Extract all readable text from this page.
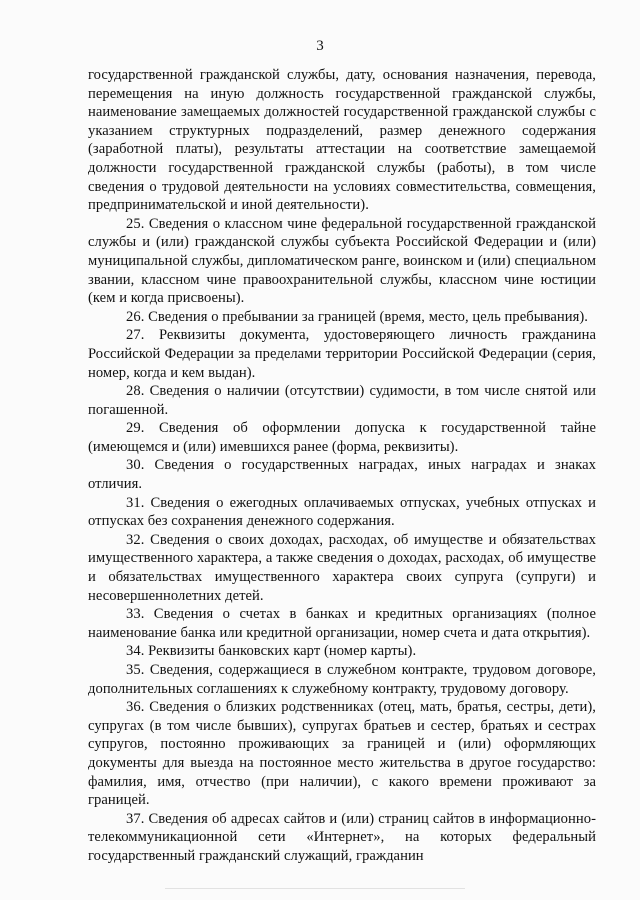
3

государственной гражданской службы, дату, основания назначения, перевода, перемещения на иную должность государственной гражданской службы, наименование замещаемых должностей государственной гражданской службы с указанием структурных подразделений, размер денежного содержания (заработной платы), результаты аттестации на соответствие замещаемой должности государственной гражданской службы (работы), в том числе сведения о трудовой деятельности на условиях совместительства, совмещения, предпринимательской и иной деятельности).

25. Сведения о классном чине федеральной государственной гражданской службы и (или) гражданской службы субъекта Российской Федерации и (или) муниципальной службы, дипломатическом ранге, воинском и (или) специальном звании, классном чине правоохранительной службы, классном чине юстиции (кем и когда присвоены).

26. Сведения о пребывании за границей (время, место, цель пребывания).

27. Реквизиты документа, удостоверяющего личность гражданина Российской Федерации за пределами территории Российской Федерации (серия, номер, когда и кем выдан).

28. Сведения о наличии (отсутствии) судимости, в том числе снятой или погашенной.

29. Сведения об оформлении допуска к государственной тайне (имеющемся и (или) имевшихся ранее (форма, реквизиты).

30. Сведения о государственных наградах, иных наградах и знаках отличия.

31. Сведения о ежегодных оплачиваемых отпусках, учебных отпусках и отпусках без сохранения денежного содержания.

32. Сведения о своих доходах, расходах, об имуществе и обязательствах имущественного характера, а также сведения о доходах, расходах, об имуществе и обязательствах имущественного характера своих супруга (супруги) и несовершеннолетних детей.

33. Сведения о счетах в банках и кредитных организациях (полное наименование банка или кредитной организации, номер счета и дата открытия).

34. Реквизиты банковских карт (номер карты).

35. Сведения, содержащиеся в служебном контракте, трудовом договоре, дополнительных соглашениях к служебному контракту, трудовому договору.

36. Сведения о близких родственниках (отец, мать, братья, сестры, дети), супругах (в том числе бывших), супругах братьев и сестер, братьях и сестрах супругов, постоянно проживающих за границей и (или) оформляющих документы для выезда на постоянное место жительства в другое государство: фамилия, имя, отчество (при наличии), с какого времени проживают за границей.

37. Сведения об адресах сайтов и (или) страниц сайтов в информационно-телекоммуникационной сети «Интернет», на которых федеральный государственный гражданский служащий, гражданин
